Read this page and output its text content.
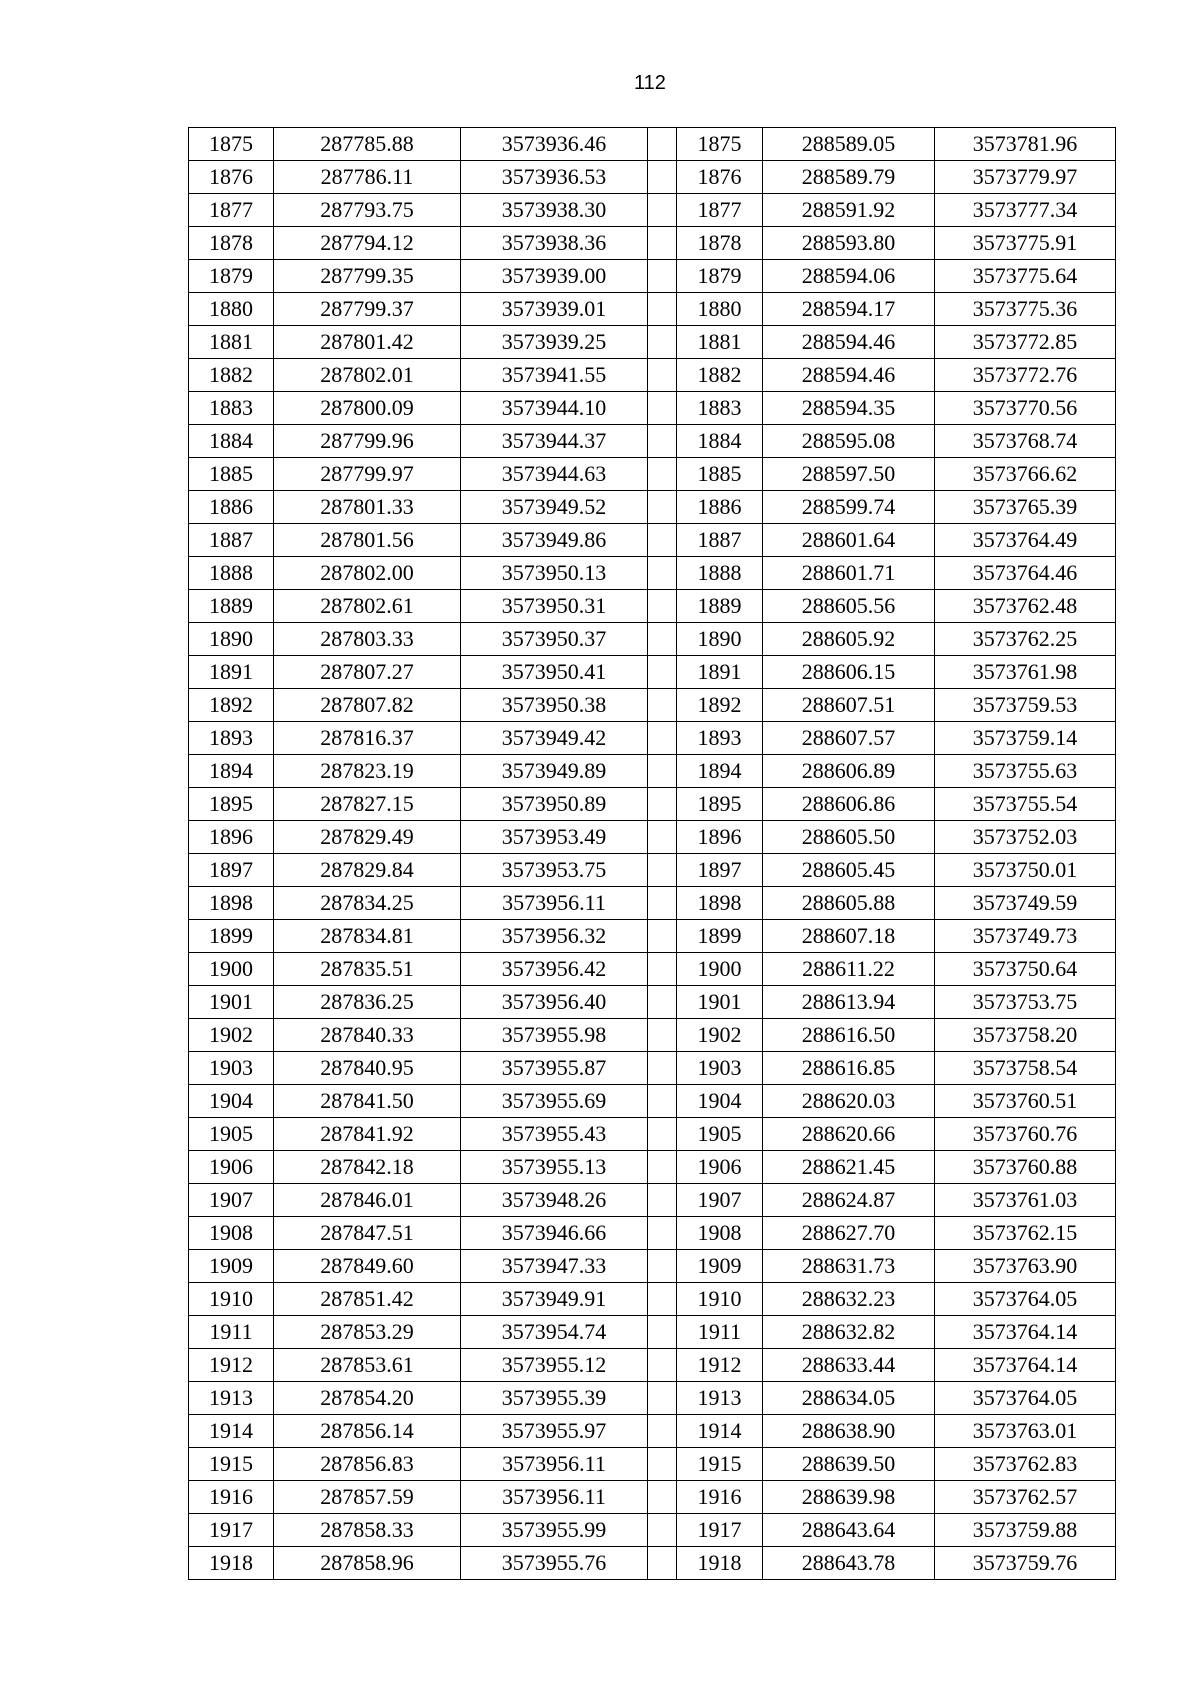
112
1875	287785.88	3573936.46		1875	288589.05	3573781.96
1876	287786.11	3573936.53		1876	288589.79	3573779.97
1877	287793.75	3573938.30		1877	288591.92	3573777.34
1878	287794.12	3573938.36		1878	288593.80	3573775.91
1879	287799.35	3573939.00		1879	288594.06	3573775.64
1880	287799.37	3573939.01		1880	288594.17	3573775.36
1881	287801.42	3573939.25		1881	288594.46	3573772.85
1882	287802.01	3573941.55		1882	288594.46	3573772.76
1883	287800.09	3573944.10		1883	288594.35	3573770.56
1884	287799.96	3573944.37		1884	288595.08	3573768.74
1885	287799.97	3573944.63		1885	288597.50	3573766.62
1886	287801.33	3573949.52		1886	288599.74	3573765.39
1887	287801.56	3573949.86		1887	288601.64	3573764.49
1888	287802.00	3573950.13		1888	288601.71	3573764.46
1889	287802.61	3573950.31		1889	288605.56	3573762.48
1890	287803.33	3573950.37		1890	288605.92	3573762.25
1891	287807.27	3573950.41		1891	288606.15	3573761.98
1892	287807.82	3573950.38		1892	288607.51	3573759.53
1893	287816.37	3573949.42		1893	288607.57	3573759.14
1894	287823.19	3573949.89		1894	288606.89	3573755.63
1895	287827.15	3573950.89		1895	288606.86	3573755.54
1896	287829.49	3573953.49		1896	288605.50	3573752.03
1897	287829.84	3573953.75		1897	288605.45	3573750.01
1898	287834.25	3573956.11		1898	288605.88	3573749.59
1899	287834.81	3573956.32		1899	288607.18	3573749.73
1900	287835.51	3573956.42		1900	288611.22	3573750.64
1901	287836.25	3573956.40		1901	288613.94	3573753.75
1902	287840.33	3573955.98		1902	288616.50	3573758.20
1903	287840.95	3573955.87		1903	288616.85	3573758.54
1904	287841.50	3573955.69		1904	288620.03	3573760.51
1905	287841.92	3573955.43		1905	288620.66	3573760.76
1906	287842.18	3573955.13		1906	288621.45	3573760.88
1907	287846.01	3573948.26		1907	288624.87	3573761.03
1908	287847.51	3573946.66		1908	288627.70	3573762.15
1909	287849.60	3573947.33		1909	288631.73	3573763.90
1910	287851.42	3573949.91		1910	288632.23	3573764.05
1911	287853.29	3573954.74		1911	288632.82	3573764.14
1912	287853.61	3573955.12		1912	288633.44	3573764.14
1913	287854.20	3573955.39		1913	288634.05	3573764.05
1914	287856.14	3573955.97		1914	288638.90	3573763.01
1915	287856.83	3573956.11		1915	288639.50	3573762.83
1916	287857.59	3573956.11		1916	288639.98	3573762.57
1917	287858.33	3573955.99		1917	288643.64	3573759.88
1918	287858.96	3573955.76		1918	288643.78	3573759.76
